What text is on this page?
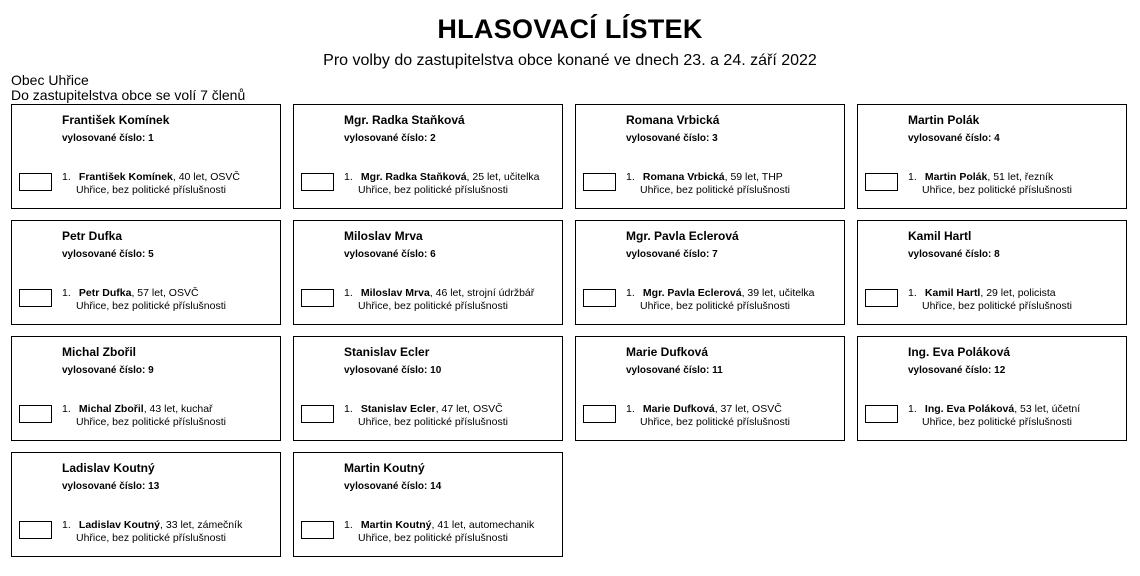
HLASOVACÍ LÍSTEK
Pro volby do zastupitelstva obce konané ve dnech 23. a 24. září 2022
Obec Uhřice
Do zastupitelstva obce se volí 7 členů
František Komínek
vylosované číslo: 1
1. František Komínek, 40 let, OSVČ
Uhřice, bez politické příslušnosti
Mgr. Radka Staňková
vylosované číslo: 2
1. Mgr. Radka Staňková, 25 let, učitelka
Uhřice, bez politické příslušnosti
Romana Vrbická
vylosované číslo: 3
1. Romana Vrbická, 59 let, THP
Uhřice, bez politické příslušnosti
Martin Polák
vylosované číslo: 4
1. Martin Polák, 51 let, řezník
Uhřice, bez politické příslušnosti
Petr Dufka
vylosované číslo: 5
1. Petr Dufka, 57 let, OSVČ
Uhřice, bez politické příslušnosti
Miloslav Mrva
vylosované číslo: 6
1. Miloslav Mrva, 46 let, strojní údržbář
Uhřice, bez politické příslušnosti
Mgr. Pavla Eclerová
vylosované číslo: 7
1. Mgr. Pavla Eclerová, 39 let, učitelka
Uhřice, bez politické příslušnosti
Kamil Hartl
vylosované číslo: 8
1. Kamil Hartl, 29 let, policista
Uhřice, bez politické příslušnosti
Michal Zbořil
vylosované číslo: 9
1. Michal Zbořil, 43 let, kuchař
Uhřice, bez politické příslušnosti
Stanislav Ecler
vylosované číslo: 10
1. Stanislav Ecler, 47 let, OSVČ
Uhřice, bez politické příslušnosti
Marie Dufková
vylosované číslo: 11
1. Marie Dufková, 37 let, OSVČ
Uhřice, bez politické příslušnosti
Ing. Eva Poláková
vylosované číslo: 12
1. Ing. Eva Poláková, 53 let, účetní
Uhřice, bez politické příslušnosti
Ladislav Koutný
vylosované číslo: 13
1. Ladislav Koutný, 33 let, zámečník
Uhřice, bez politické příslušnosti
Martin Koutný
vylosované číslo: 14
1. Martin Koutný, 41 let, automechanik
Uhřice, bez politické příslušnosti
